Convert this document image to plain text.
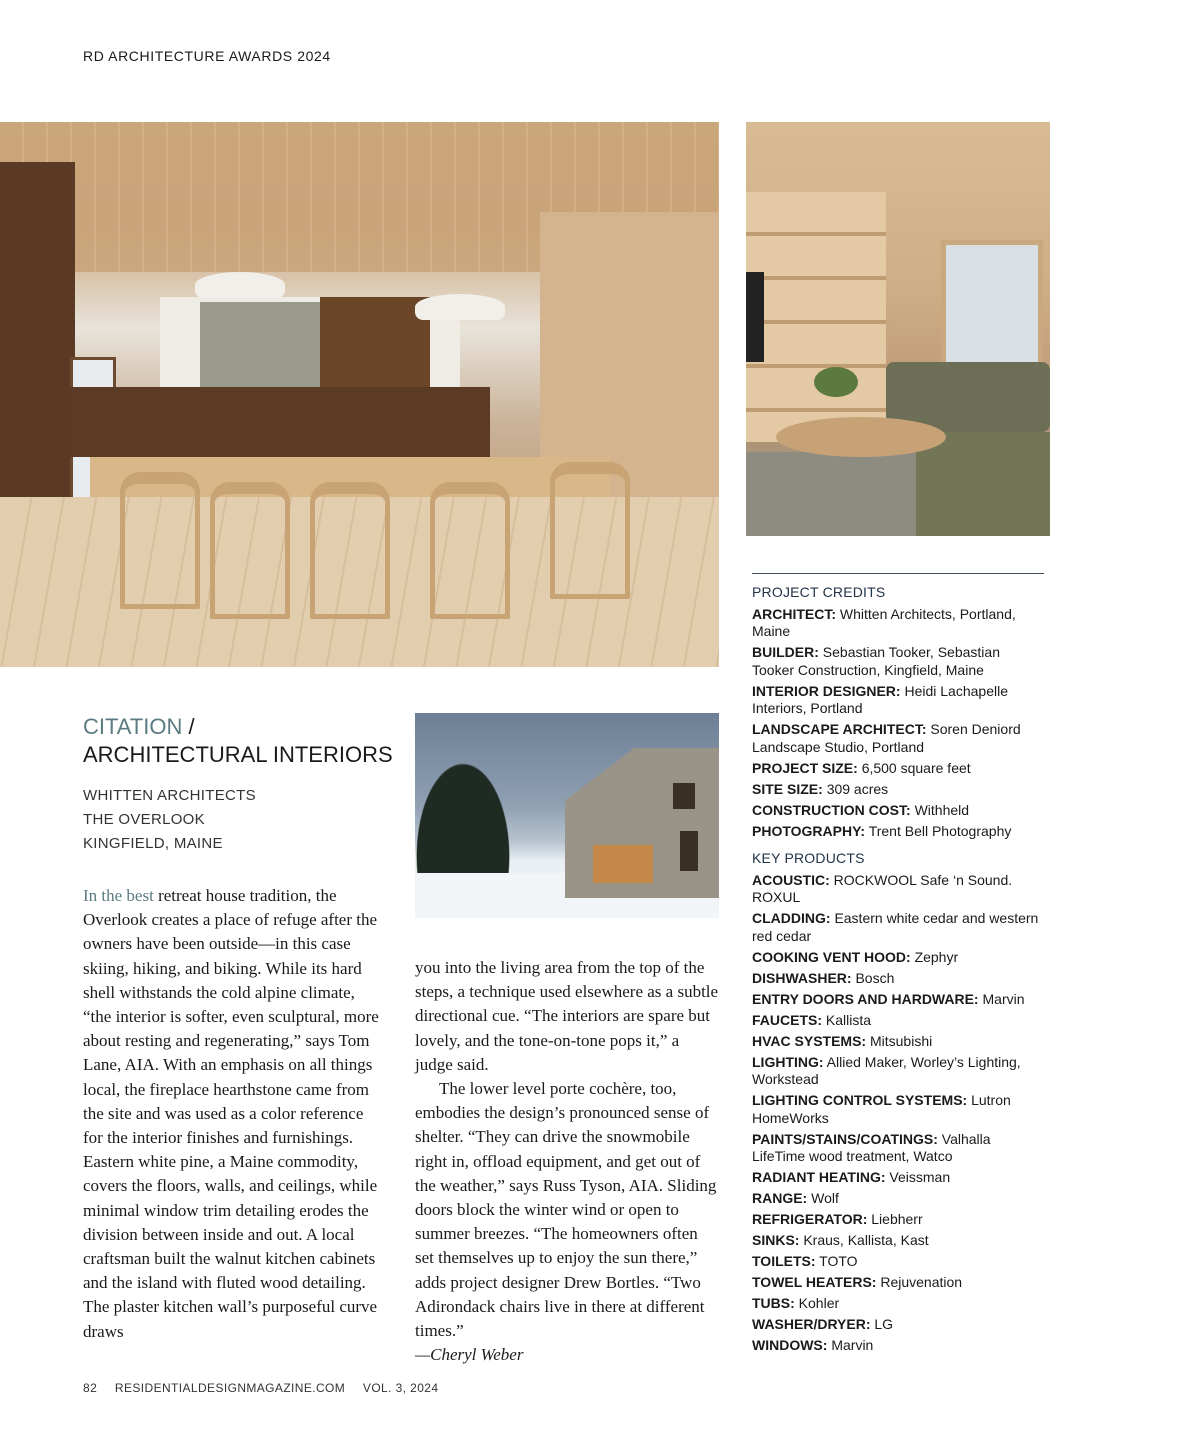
RD ARCHITECTURE AWARDS 2024
CITATION /
ARCHITECTURAL INTERIORS
WHITTEN ARCHITECTS
THE OVERLOOK
KINGFIELD, MAINE
In the best retreat house tradition, the Overlook creates a place of refuge after the owners have been outside—in this case skiing, hiking, and biking. While its hard shell withstands the cold alpine climate, “the interior is softer, even sculptural, more about resting and regenerating,” says Tom Lane, AIA. With an emphasis on all things local, the fireplace hearthstone came from the site and was used as a color reference for the interior finishes and furnishings. Eastern white pine, a Maine commodity, covers the floors, walls, and ceilings, while minimal window trim detailing erodes the division between inside and out. A local craftsman built the walnut kitchen cabinets and the island with fluted wood detailing. The plaster kitchen wall’s purposeful curve draws
you into the living area from the top of the steps, a technique used elsewhere as a subtle directional cue. “The interiors are spare but lovely, and the tone-on-tone pops it,” a judge said.
The lower level porte cochère, too, embodies the design’s pronounced sense of shelter. “They can drive the snowmobile right in, offload equipment, and get out of the weather,” says Russ Tyson, AIA. Sliding doors block the winter wind or open to summer breezes. “The homeowners often set themselves up to enjoy the sun there,” adds project designer Drew Bortles. “Two Adirondack chairs live in there at different times.”
—Cheryl Weber
PROJECT CREDITS
ARCHITECT: Whitten Architects, Portland, Maine
BUILDER: Sebastian Tooker, Sebastian Tooker Construction, Kingfield, Maine
INTERIOR DESIGNER: Heidi Lachapelle Interiors, Portland
LANDSCAPE ARCHITECT: Soren Deniord Landscape Studio, Portland
PROJECT SIZE: 6,500 square feet
SITE SIZE: 309 acres
CONSTRUCTION COST: Withheld
PHOTOGRAPHY: Trent Bell Photography
KEY PRODUCTS
ACOUSTIC: ROCKWOOL Safe ‘n Sound. ROXUL
CLADDING: Eastern white cedar and western red cedar
COOKING VENT HOOD: Zephyr
DISHWASHER: Bosch
ENTRY DOORS AND HARDWARE: Marvin
FAUCETS: Kallista
HVAC SYSTEMS: Mitsubishi
LIGHTING: Allied Maker, Worley’s Lighting, Workstead
LIGHTING CONTROL SYSTEMS: Lutron HomeWorks
PAINTS/STAINS/COATINGS: Valhalla LifeTime wood treatment, Watco
RADIANT HEATING: Veissman
RANGE: Wolf
REFRIGERATOR: Liebherr
SINKS: Kraus, Kallista, Kast
TOILETS: TOTO
TOWEL HEATERS: Rejuvenation
TUBS: Kohler
WASHER/DRYER: LG
WINDOWS: Marvin
82 RESIDENTIALDESIGNMAGAZINE.COM VOL. 3, 2024
